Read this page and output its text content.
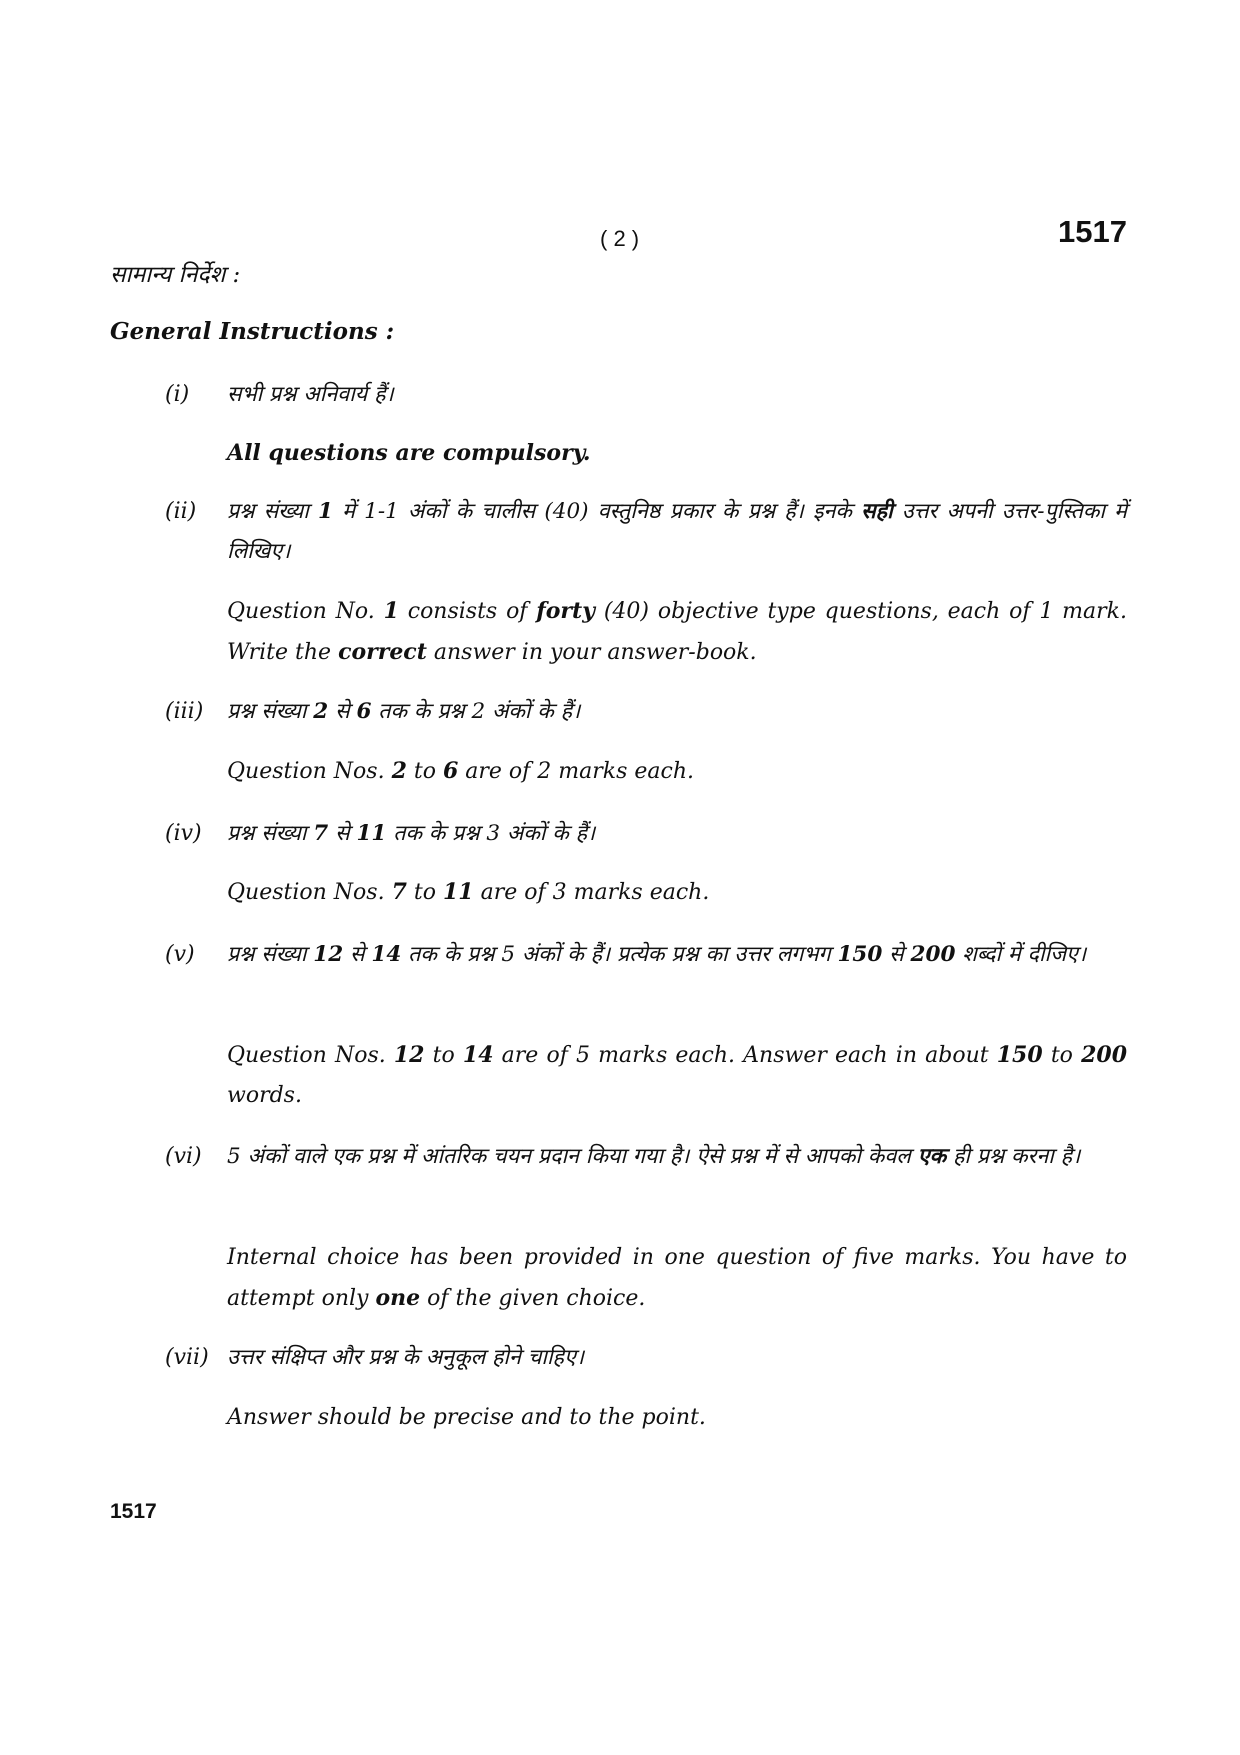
( 2 )	1517
सामान्य निर्देश :
General Instructions :
(i) सभी प्रश्न अनिवार्य हैं।

All questions are compulsory.

(ii) प्रश्न संख्या 1 में 1-1 अंकों के चालीस (40) वस्तुनिष्ठ प्रकार के प्रश्न हैं। इनके सही उत्तर अपनी उत्तर-पुस्तिका में लिखिए।

Question No. 1 consists of forty (40) objective type questions, each of 1 mark. Write the correct answer in your answer-book.

(iii) प्रश्न संख्या 2 से 6 तक के प्रश्न 2 अंकों के हैं।

Question Nos. 2 to 6 are of 2 marks each.

(iv) प्रश्न संख्या 7 से 11 तक के प्रश्न 3 अंकों के हैं।

Question Nos. 7 to 11 are of 3 marks each.

(v) प्रश्न संख्या 12 से 14 तक के प्रश्न 5 अंकों के हैं। प्रत्येक प्रश्न का उत्तर लगभग 150 से 200 शब्दों में दीजिए।

Question Nos. 12 to 14 are of 5 marks each. Answer each in about 150 to 200 words.

(vi) 5 अंकों वाले एक प्रश्न में आंतरिक चयन प्रदान किया गया है। ऐसे प्रश्न में से आपको केवल एक ही प्रश्न करना है।

Internal choice has been provided in one question of five marks. You have to attempt only one of the given choice.

(vii) उत्तर संक्षिप्त और प्रश्न के अनुकूल होने चाहिए।

Answer should be precise and to the point.

1517
